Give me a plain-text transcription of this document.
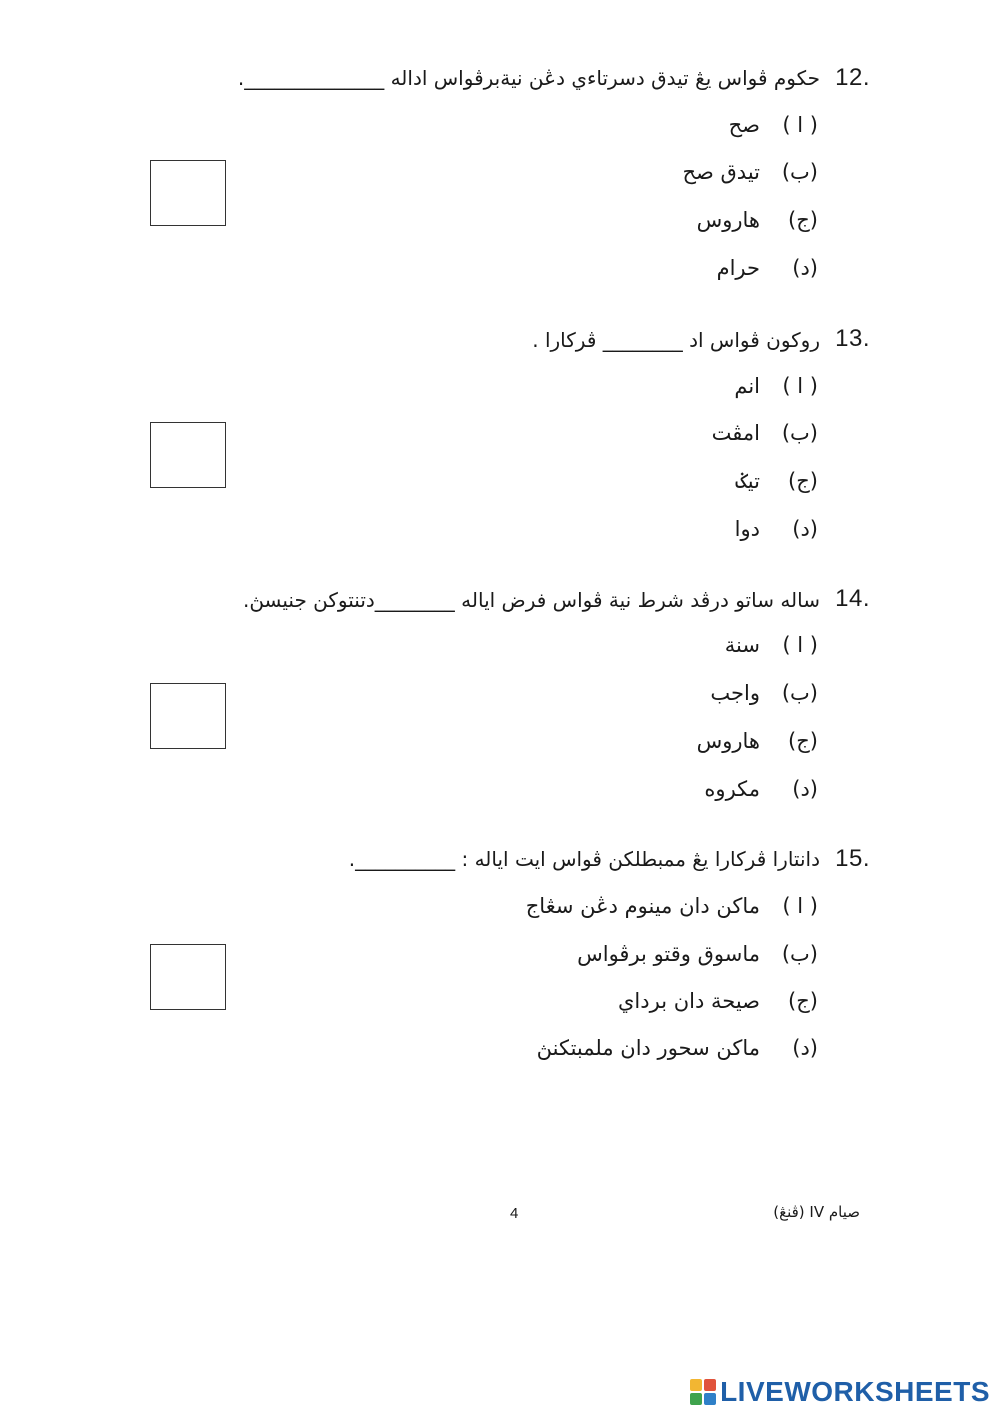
12.
حکوم ڤواس يڠ تيدق دسرتاءي دڠن نيةبرڤواس اداله ______________.
( ا )صح
(ب)تيدق صح
(ج)هاروس
(د)حرام
13.
روکون ڤواس اد ________ ڤرکارا .
( ا )انم
(ب)امڤت
(ج)تيݢ
(د)دوا
14.
ساله ساتو درڤد شرط نية ڤواس فرض اياله ________دتنتوکن جنيسڽ.
( ا )سنة
(ب)واجب
(ج)هاروس
(د)مکروه
15.
دانتارا ڤرکارا يڠ ممبطلکن ڤواس ايت اياله : __________.
( ا )ماکن دان مينوم دڠن سڠاج
(ب)ماسوق وقتو برڤواس
(ج)صيحة دان برداي
(د)ماکن سحور دان ملمبتکنڽ
4	صيام IV (ڤنڠ)
LIVEWORKSHEETS
